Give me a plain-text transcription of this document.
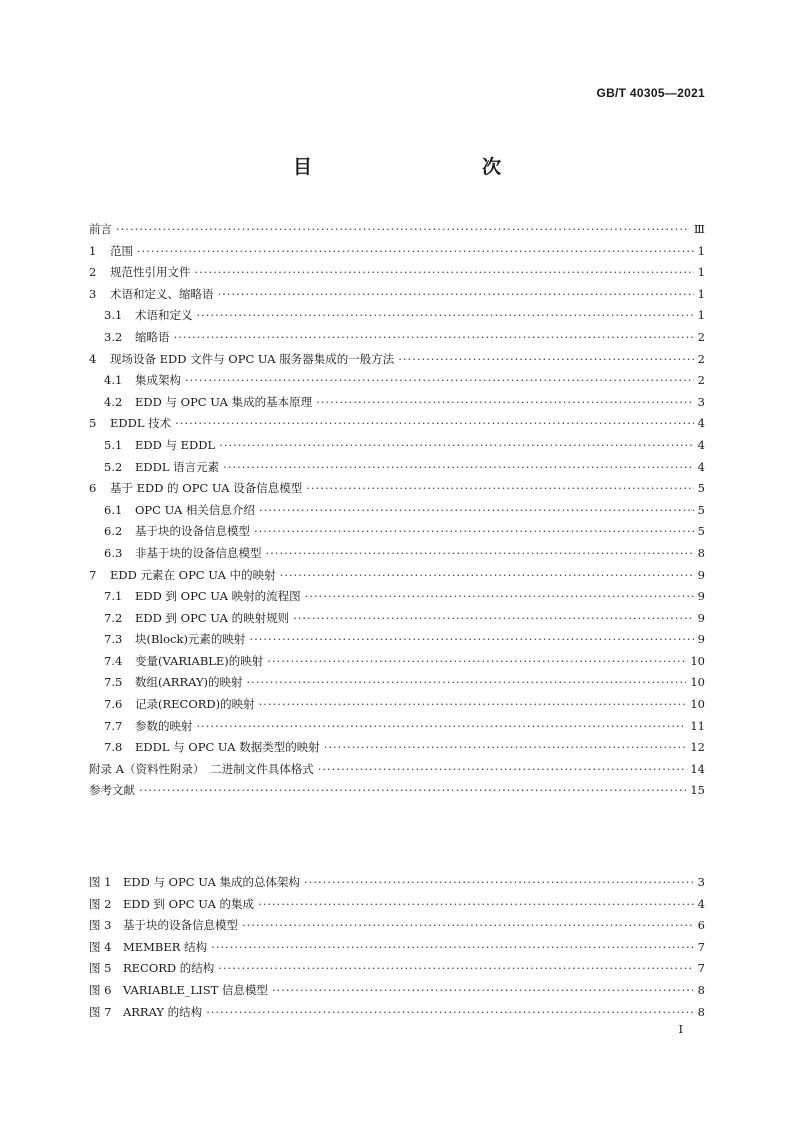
GB/T 40305—2021
目　　次
前言 ·····	Ⅲ
1 范围 ·····	1
2 规范性引用文件 ·····	1
3 术语和定义、缩略语 ·····	1
3.1 术语和定义 ·····	1
3.2 缩略语 ·····	2
4 现场设备 EDD 文件与 OPC UA 服务器集成的一般方法 ·····	2
4.1 集成架构 ·····	2
4.2 EDD 与 OPC UA 集成的基本原理 ·····	3
5 EDDL 技术 ·····	4
5.1 EDD 与 EDDL ·····	4
5.2 EDDL 语言元素 ·····	4
6 基于 EDD 的 OPC UA 设备信息模型 ·····	5
6.1 OPC UA 相关信息介绍 ·····	5
6.2 基于块的设备信息模型 ·····	5
6.3 非基于块的设备信息模型 ·····	8
7 EDD 元素在 OPC UA 中的映射 ·····	9
7.1 EDD 到 OPC UA 映射的流程图 ·····	9
7.2 EDD 到 OPC UA 的映射规则 ·····	9
7.3 块(Block)元素的映射 ·····	9
7.4 变量(VARIABLE)的映射 ·····	10
7.5 数组(ARRAY)的映射 ·····	10
7.6 记录(RECORD)的映射 ·····	10
7.7 参数的映射 ·····	11
7.8 EDDL 与 OPC UA 数据类型的映射 ·····	12
附录 A（资料性附录）　二进制文件具体格式 ·····	14
参考文献 ·····	15
图 1　EDD 与 OPC UA 集成的总体架构 ·····	3
图 2　EDD 到 OPC UA 的集成 ·····	4
图 3　基于块的设备信息模型 ·····	6
图 4　MEMBER 结构 ·····	7
图 5　RECORD 的结构 ·····	7
图 6　VARIABLE_LIST 信息模型 ·····	8
图 7　ARRAY 的结构 ·····	8
I
